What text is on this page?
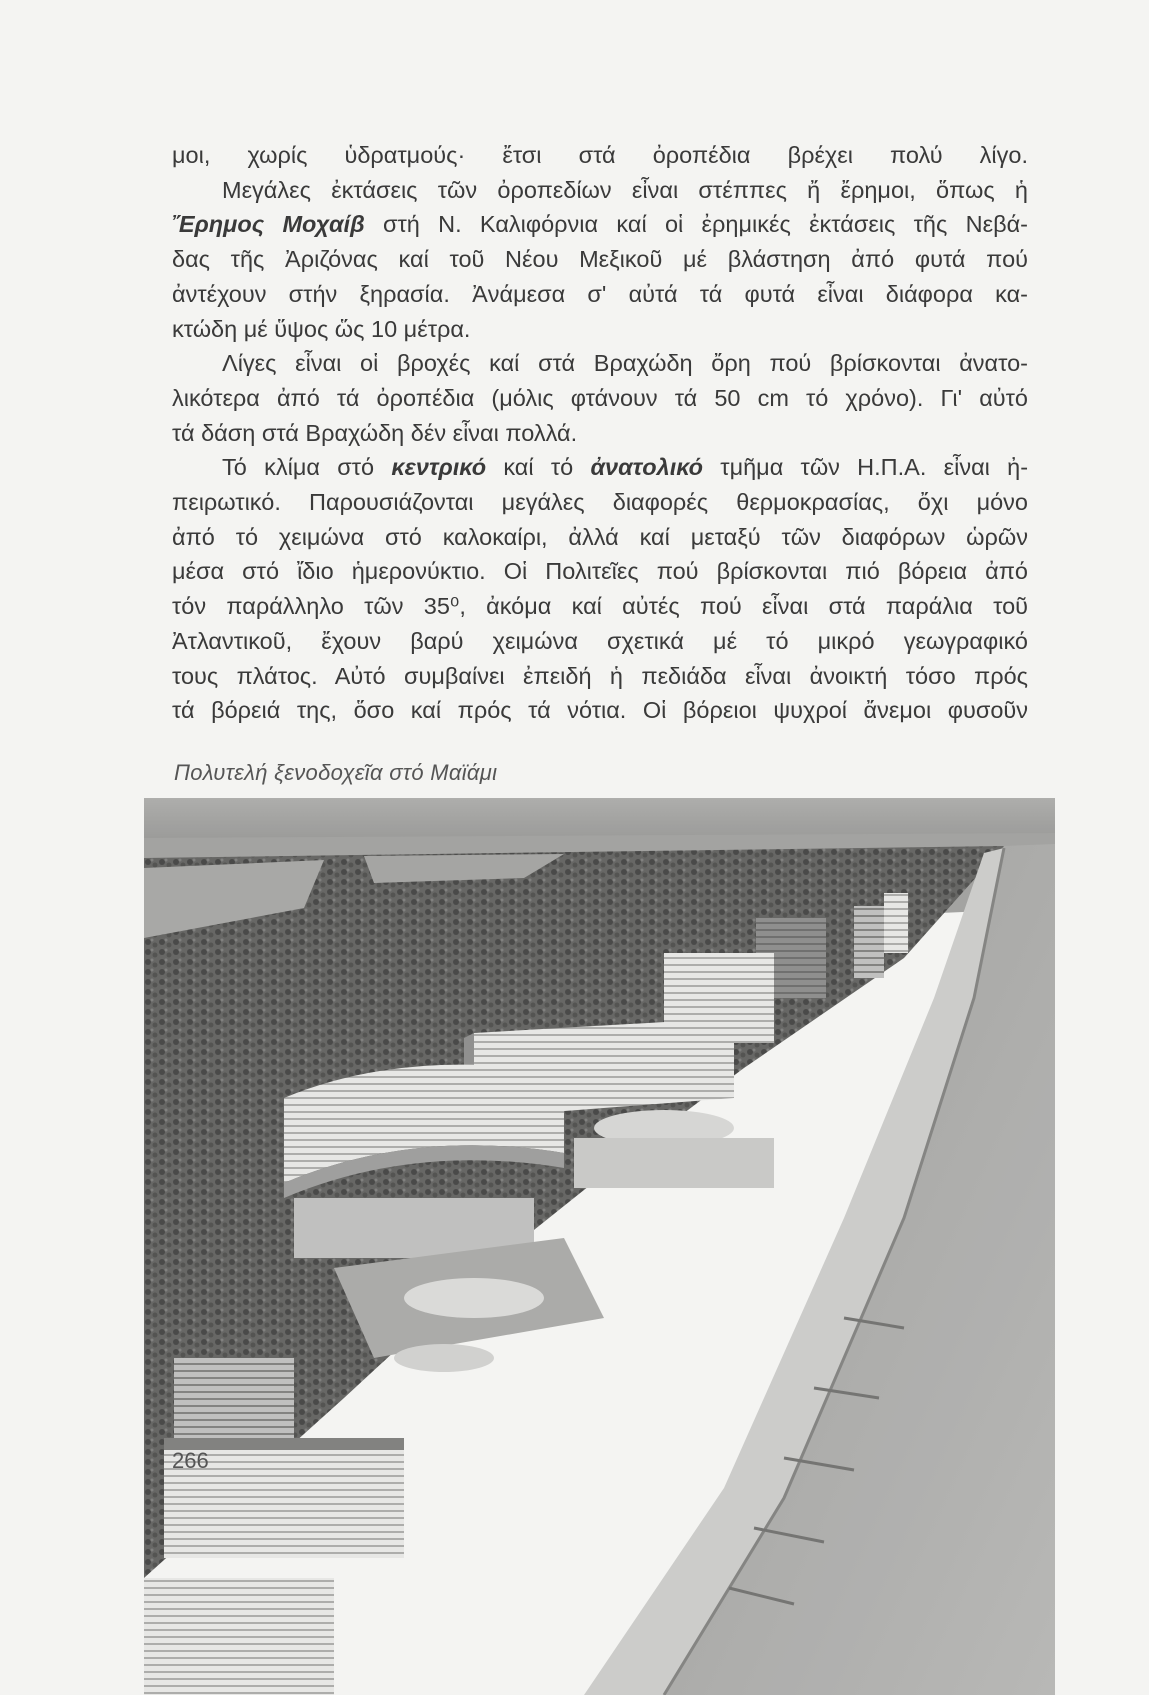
μοι, χωρίς ὑδρατμούς· ἔτσι στά ὀροπέδια βρέχει πολύ λίγο.
Μεγάλες ἐκτάσεις τῶν ὀροπεδίων εἶναι στέππες ἤ ἔρημοι, ὅπως ἡ
Ἔρημος Μοχαίβ στή Ν. Καλιφόρνια καί οἱ ἐρημικές ἐκτάσεις τῆς Νεβά-
δας τῆς Ἀριζόνας καί τοῦ Νέου Μεξικοῦ μέ βλάστηση ἀπό φυτά πού
ἀντέχουν στήν ξηρασία. Ἀνάμεσα σ' αὐτά τά φυτά εἶναι διάφορα κα-
κτώδη μέ ὕψος ὥς 10 μέτρα.
Λίγες εἶναι οἱ βροχές καί στά Βραχώδη ὄρη πού βρίσκονται ἀνατο-
λικότερα ἀπό τά ὀροπέδια (μόλις φτάνουν τά 50 cm τό χρόνο). Γι' αὐτό
τά δάση στά Βραχώδη δέν εἶναι πολλά.
Τό κλίμα στό κεντρικό καί τό ἀνατολικό τμῆμα τῶν Η.Π.Α. εἶναι ἠ-
πειρωτικό. Παρουσιάζονται μεγάλες διαφορές θερμοκρασίας, ὄχι μόνο
ἀπό τό χειμώνα στό καλοκαίρι, ἀλλά καί μεταξύ τῶν διαφόρων ὡρῶν
μέσα στό ἴδιο ἡμερονύκτιο. Οἱ Πολιτεῖες πού βρίσκονται πιό βόρεια ἀπό
τόν παράλληλο τῶν 35⁰, ἀκόμα καί αὐτές πού εἶναι στά παράλια τοῦ
Ἀτλαντικοῦ, ἔχουν βαρύ χειμώνα σχετικά μέ τό μικρό γεωγραφικό
τους πλάτος. Αὐτό συμβαίνει ἐπειδή ἡ πεδιάδα εἶναι ἀνοικτή τόσο πρός
τά βόρειά της, ὅσο καί πρός τά νότια. Οἱ βόρειοι ψυχροί ἄνεμοι φυσοῦν
Πολυτελή ξενοδοχεῖα στό Μαϊάμι
266
